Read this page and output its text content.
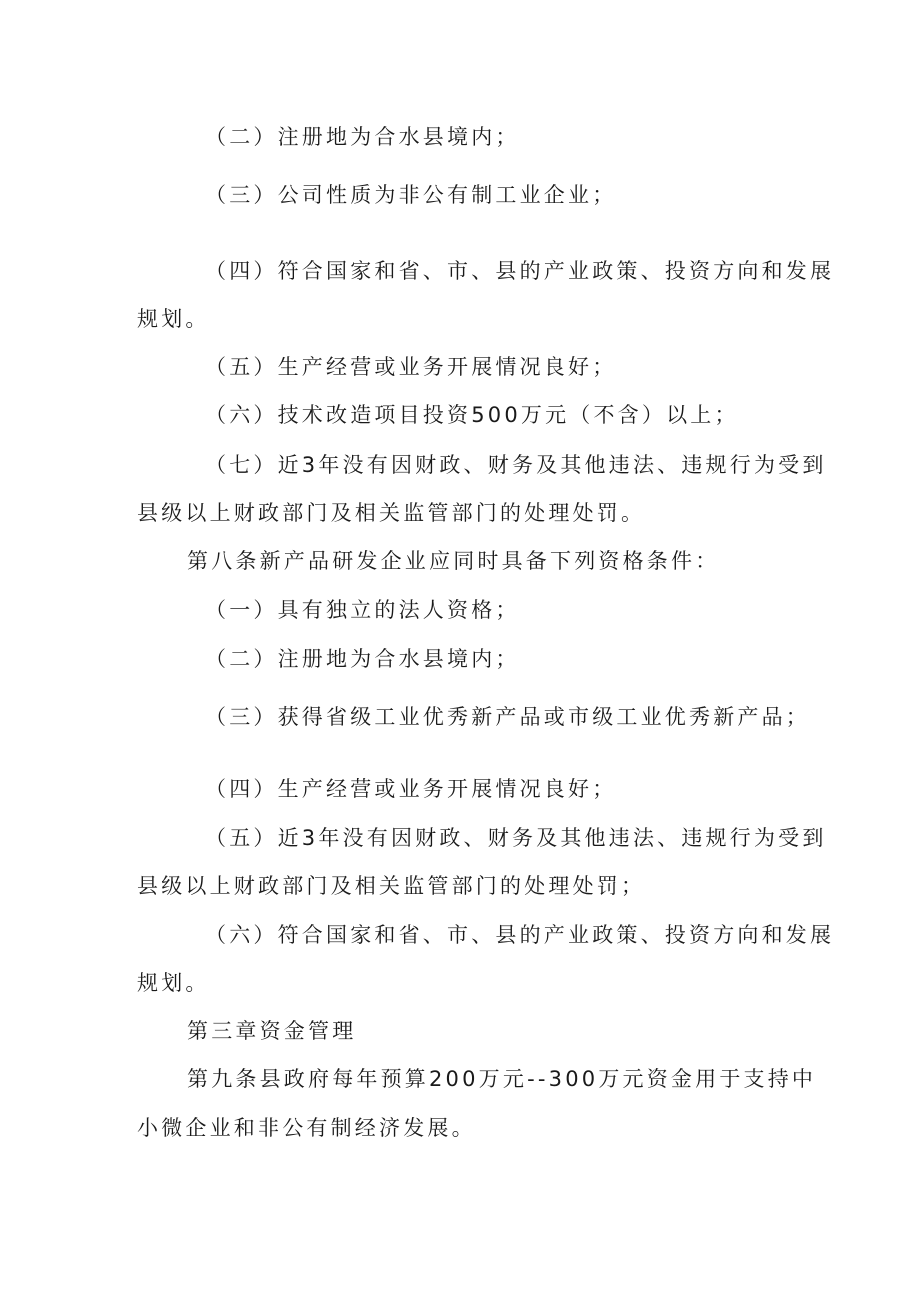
（二）注册地为合水县境内；

（三）公司性质为非公有制工业企业；

（四）符合国家和省、市、县的产业政策、投资方向和发展

规划。

（五）生产经营或业务开展情况良好；

（六）技术改造项目投资500万元（不含）以上；

（七）近3年没有因财政、财务及其他违法、违规行为受到

县级以上财政部门及相关监管部门的处理处罚。

第八条新产品研发企业应同时具备下列资格条件：

（一）具有独立的法人资格；

（二）注册地为合水县境内；

（三）获得省级工业优秀新产品或市级工业优秀新产品；

（四）生产经营或业务开展情况良好；

（五）近3年没有因财政、财务及其他违法、违规行为受到

县级以上财政部门及相关监管部门的处理处罚；

（六）符合国家和省、市、县的产业政策、投资方向和发展

规划。

第三章资金管理

第九条县政府每年预算200万元--300万元资金用于支持中

小微企业和非公有制经济发展。
